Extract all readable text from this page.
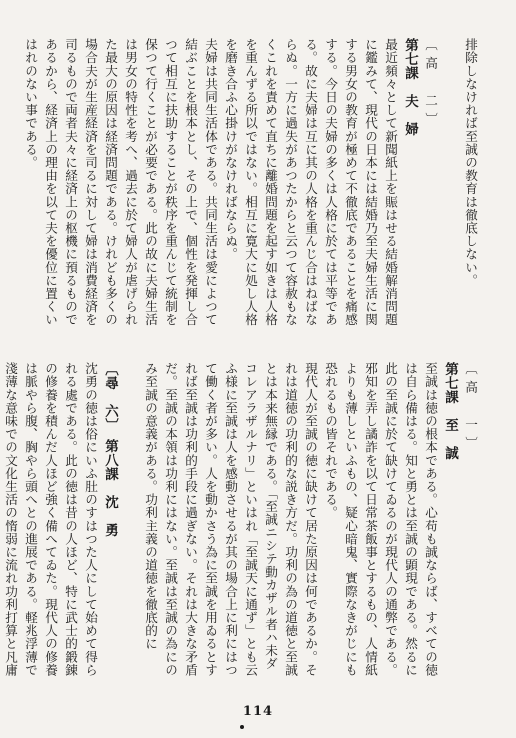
排除しなければ至誠の教育は徹底しない。
〔高　二〕
第七課　夫　婦
最近頻々として新聞紙上を賑はせる結婚解消問題に鑑みて、現代の日本には結婚乃至夫婦生活に関する男女の教育が極めて不徹底であることを痛感する。今日の夫婦の多くは人格に於ては平等である。故に夫婦は互に其の人格を重んじ合はねばならぬ。一方に過失があつたからと云つて容赦もなくこれを責めて直ちに離婚問題を起す如きは人格を重んずる所以ではない。相互に寛大に処し人格を磨き合ふ心掛けがなければならぬ。
夫婦は共同生活体である。共同生活は愛によつて結ぶことを根本とし、その上で、個性を発揮し合つて相互に扶助することが秩序を重んじて統制を保つて行くことが必要である。此の故に夫婦生活は男女の特性を考へ、過去に於て婦人が虐げられた最大の原因は経済問題である。けれども多くの場合夫が生産経済を司るに対して婦は消費経済を司るもので両者夫々に経済上の枢機に預るものであるから、経済上の理由を以て夫を優位に置くいはれのない事である。
〔高　一〕
第七課　至　誠
至誠は徳の根本である。心苟も誠ならば、すべての徳は自ら備はる。知と勇とは至誠の顕現である。然るに此の至誠に於て缺けてゐるのが現代人の通弊である。邪知を弄し譎詐を以て日常茶飯事とするもの、人情紙よりも薄しといふもの、疑心暗鬼、實際なきがじにも恐れるもの皆それである。
現代人が至誠の徳に缺けて居た原因は何であるか。それは道徳の功利的な説き方だ。功利の為の道徳と至誠とは本来無縁である。「至誠ニシテ動カザル者ハ未ダコレアラザルナリ」といはれ「至誠天に通ず」とも云ふ様に至誠は人を感動させるが其の場合上に利にはつて働く者が多い。人を動かさう為に至誠を用ゐるとすれば至誠は功利的手段に過ぎない。それは大きな矛盾だ。至誠の本領は功利にはない。至誠は至誠の為にのみ至誠の意義がある。功利主義の道徳を徹底的に
〔尋　六〕　第八課　沈　勇
沈勇の徳は俗にいふ肚のすはつた人にして始めて得られる處である。此の徳は昔の人ほど、特に武士的鍛錬の修養を積んだ人ほど強く備へてゐた。現代人の修養は脈やら腹、胸やら頭へとの進展である。軽兆浮薄で淺薄な意味での文化生活の惰弱に流れ功利打算と凡庸
114
